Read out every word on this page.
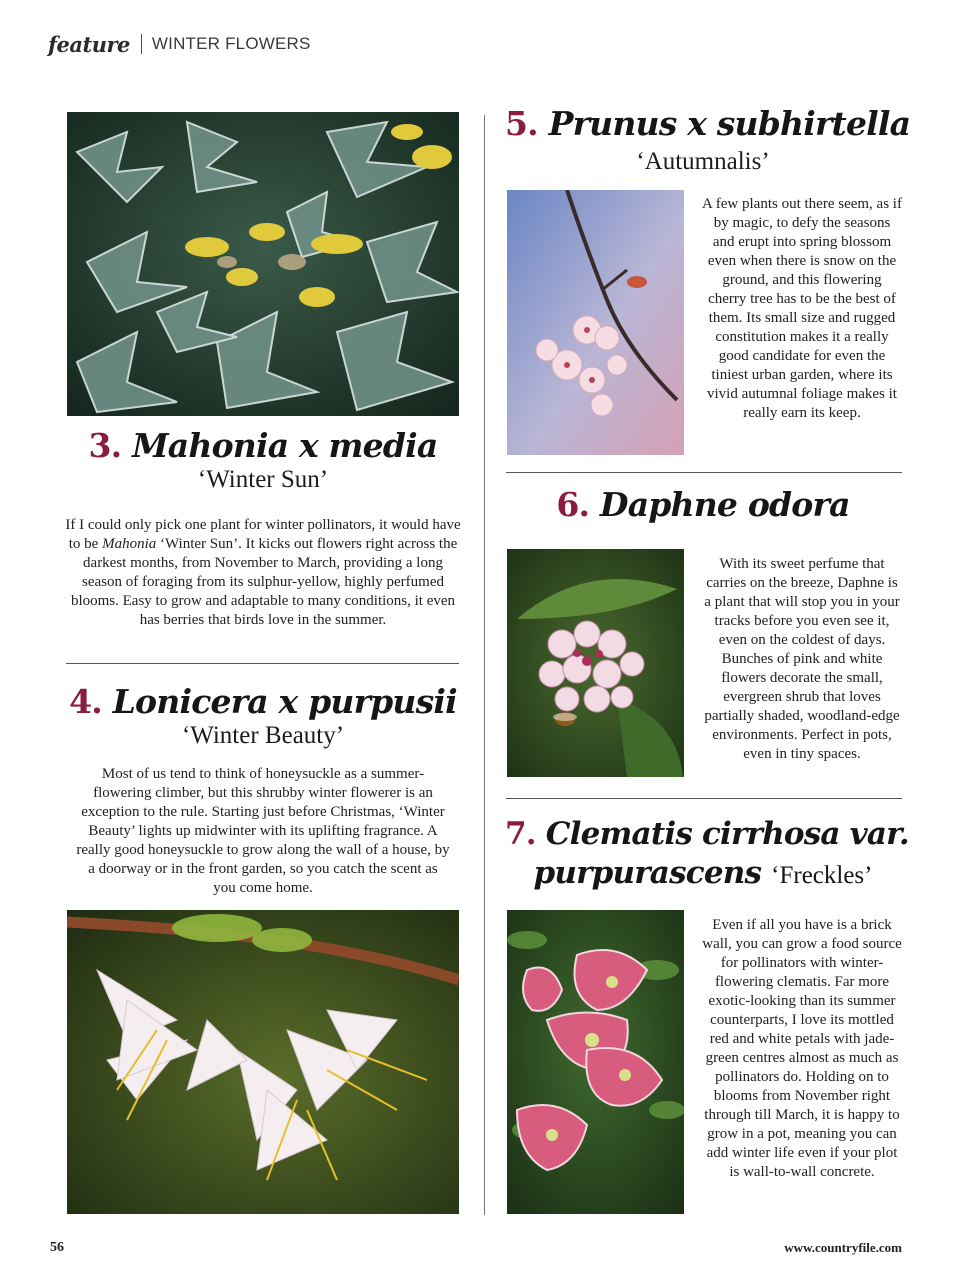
feature WINTER FLOWERS
3. Mahonia x media
‘Winter Sun’

If I could only pick one plant for winter pollinators, it would have to be Mahonia ‘Winter Sun’. It kicks out flowers right across the darkest months, from November to March, providing a long season of foraging from its sulphur-yellow, highly perfumed blooms. Easy to grow and adaptable to many conditions, it even has berries that birds love in the summer.

4. Lonicera x purpusii
‘Winter Beauty’

Most of us tend to think of honeysuckle as a summer-flowering climber, but this shrubby winter flowerer is an exception to the rule. Starting just before Christmas, ‘Winter Beauty’ lights up midwinter with its uplifting fragrance. A really good honeysuckle to grow along the wall of a house, by a doorway or in the front garden, so you catch the scent as you come home.

5. Prunus x subhirtella
‘Autumnalis’

A few plants out there seem, as if by magic, to defy the seasons and erupt into spring blossom even when there is snow on the ground, and this flowering cherry tree has to be the best of them. Its small size and rugged constitution makes it a really good candidate for even the tiniest urban garden, where its vivid autumnal foliage makes it really earn its keep.

6. Daphne odora

With its sweet perfume that carries on the breeze, Daphne is a plant that will stop you in your tracks before you even see it, even on the coldest of days. Bunches of pink and white flowers decorate the small, evergreen shrub that loves partially shaded, woodland-edge environments. Perfect in pots, even in tiny spaces.

7. Clematis cirrhosa var.
purpurascens ‘Freckles’

Even if all you have is a brick wall, you can grow a food source for pollinators with winter-flowering clematis. Far more exotic-looking than its summer counterparts, I love its mottled red and white petals with jade-green centres almost as much as pollinators do. Holding on to blooms from November right through till March, it is happy to grow in a pot, meaning you can add winter life even if your plot is wall-to-wall concrete.

56	www.countryfile.com
